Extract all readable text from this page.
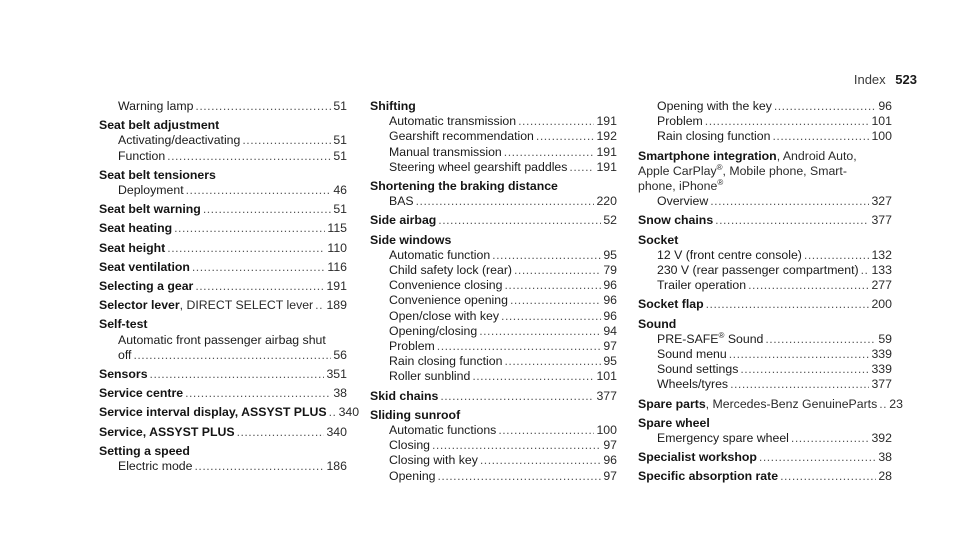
Index 523
Warning lamp .....	51
Seat belt adjustment
Activating/deactivating .....	51
Function .....	51
Seat belt tensioners
Deployment .....	46
Seat belt warning .....	51
Seat heating .....	115
Seat height .....	110
Seat ventilation .....	116
Selecting a gear .....	191
Selector lever, DIRECT SELECT lever ..... 189
Self-test
Automatic front passenger airbag shut
off .....	56
Sensors .....	351
Service centre .....	38
Service interval display, ASSYST PLUS ..... 340
Service, ASSYST PLUS .....	340
Setting a speed
Electric mode .....	186
Shifting
Automatic transmission .....	191
Gearshift recommendation .....	192
Manual transmission .....	191
Steering wheel gearshift paddles ..... 191
Shortening the braking distance
BAS .....	220
Side airbag .....	52
Side windows
Automatic function .....	95
Child safety lock (rear) .....	79
Convenience closing .....	96
Convenience opening .....	96
Open/close with key .....	96
Opening/closing .....	94
Problem .....	97
Rain closing function .....	95
Roller sunblind .....	101
Skid chains .....	377
Sliding sunroof
Automatic functions .....	100
Closing .....	97
Closing with key .....	96
Opening .....	97
Opening with the key .....	96
Problem .....	101
Rain closing function .....	100
Smartphone integration, Android Auto,
Apple CarPlay®, Mobile phone, Smart-
phone, iPhone®
Overview .....	327
Snow chains .....	377
Socket
12 V (front centre console) .....	132
230 V (rear passenger compartment) ..... 133
Trailer operation .....	277
Socket flap .....	200
Sound
PRE-SAFE® Sound .....	59
Sound menu .....	339
Sound settings .....	339
Wheels/tyres .....	377
Spare parts, Mercedes-Benz GenuineParts ..... 23
Spare wheel
Emergency spare wheel .....	392
Specialist workshop .....	38
Specific absorption rate .....	28
